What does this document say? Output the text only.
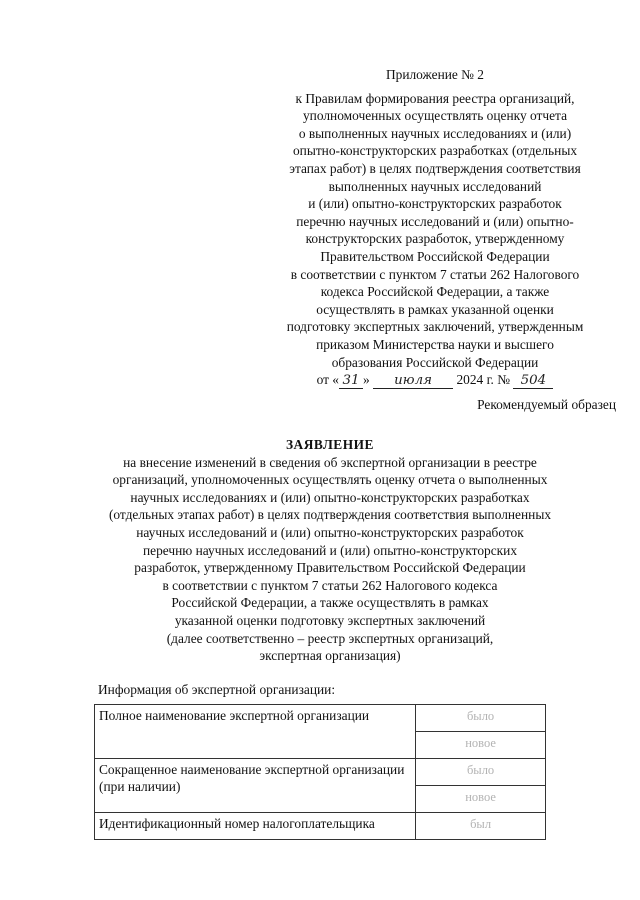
Приложение № 2
к Правилам формирования реестра организаций,
уполномоченных осуществлять оценку отчета
о выполненных научных исследованиях и (или)
опытно-конструкторских разработках (отдельных
этапах работ) в целях подтверждения соответствия
выполненных научных исследований
и (или) опытно-конструкторских разработок
перечню научных исследований и (или) опытно-
конструкторских разработок, утвержденному
Правительством Российской Федерации
в соответствии с пунктом 7 статьи 262 Налогового
кодекса Российской Федерации, а также
осуществлять в рамках указанной оценки
подготовку экспертных заключений, утвержденным
приказом Министерства науки и высшего
образования Российской Федерации
от « 31 » июля 2024 г. № 504
Рекомендуемый образец
ЗАЯВЛЕНИЕ
на внесение изменений в сведения об экспертной организации в реестре
организаций, уполномоченных осуществлять оценку отчета о выполненных
научных исследованиях и (или) опытно-конструкторских разработках
(отдельных этапах работ) в целях подтверждения соответствия выполненных
научных исследований и (или) опытно-конструкторских разработок
перечню научных исследований и (или) опытно-конструкторских
разработок, утвержденному Правительством Российской Федерации
в соответствии с пунктом 7 статьи 262 Налогового кодекса
Российской Федерации, а также осуществлять в рамках
указанной оценки подготовку экспертных заключений
(далее соответственно – реестр экспертных организаций,
экспертная организация)
Информация об экспертной организации:
Полное наименование экспертной организации	было
	новое
Сокращенное наименование экспертной организации (при наличии)	было
	новое
Идентификационный номер налогоплательщика	был
